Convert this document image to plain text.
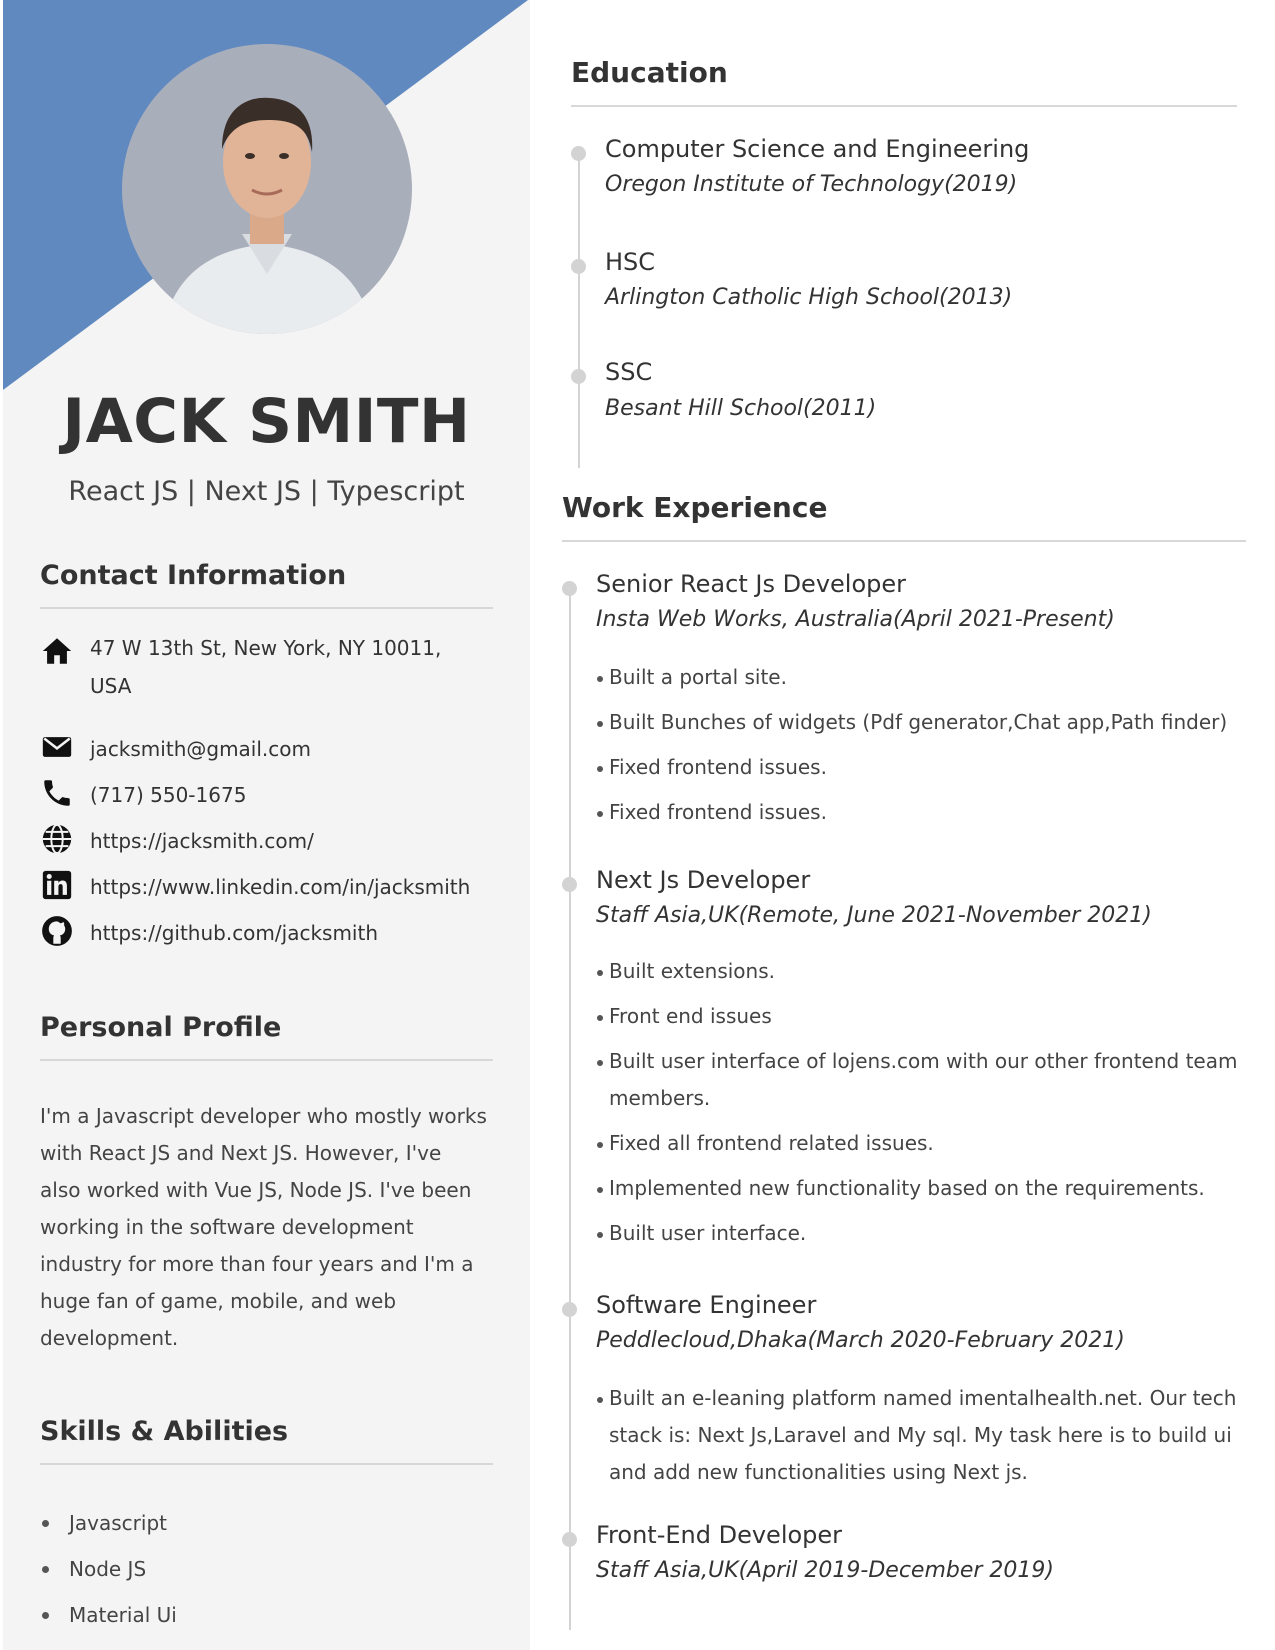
JACK SMITH
React JS | Next JS | Typescript
Contact Information
47 W 13th St, New York, NY 10011, USA
jacksmith@gmail.com
(717) 550-1675
https://jacksmith.com/
https://www.linkedin.com/in/jacksmith
https://github.com/jacksmith
Personal Profile
I'm a Javascript developer who mostly works with React JS and Next JS. However, I've also worked with Vue JS, Node JS. I've been working in the software development industry for more than four years and I'm a huge fan of game, mobile, and web development.
Skills & Abilities
Javascript
Node JS
Material Ui
Education
Computer Science and Engineering
Oregon Institute of Technology(2019)
HSC
Arlington Catholic High School(2013)
SSC
Besant Hill School(2011)
Work Experience
Senior React Js Developer
Insta Web Works, Australia(April 2021-Present)
Built a portal site.
Built Bunches of widgets (Pdf generator,Chat app,Path finder)
Fixed frontend issues.
Fixed frontend issues.
Next Js Developer
Staff Asia,UK(Remote, June 2021-November 2021)
Built extensions.
Front end issues
Built user interface of lojens.com with our other frontend team members.
Fixed all frontend related issues.
Implemented new functionality based on the requirements.
Built user interface.
Software Engineer
Peddlecloud,Dhaka(March 2020-February 2021)
Built an e-leaning platform named imentalhealth.net. Our tech stack is: Next Js,Laravel and My sql. My task here is to build ui and add new functionalities using Next js.
Front-End Developer
Staff Asia,UK(April 2019-December 2019)
